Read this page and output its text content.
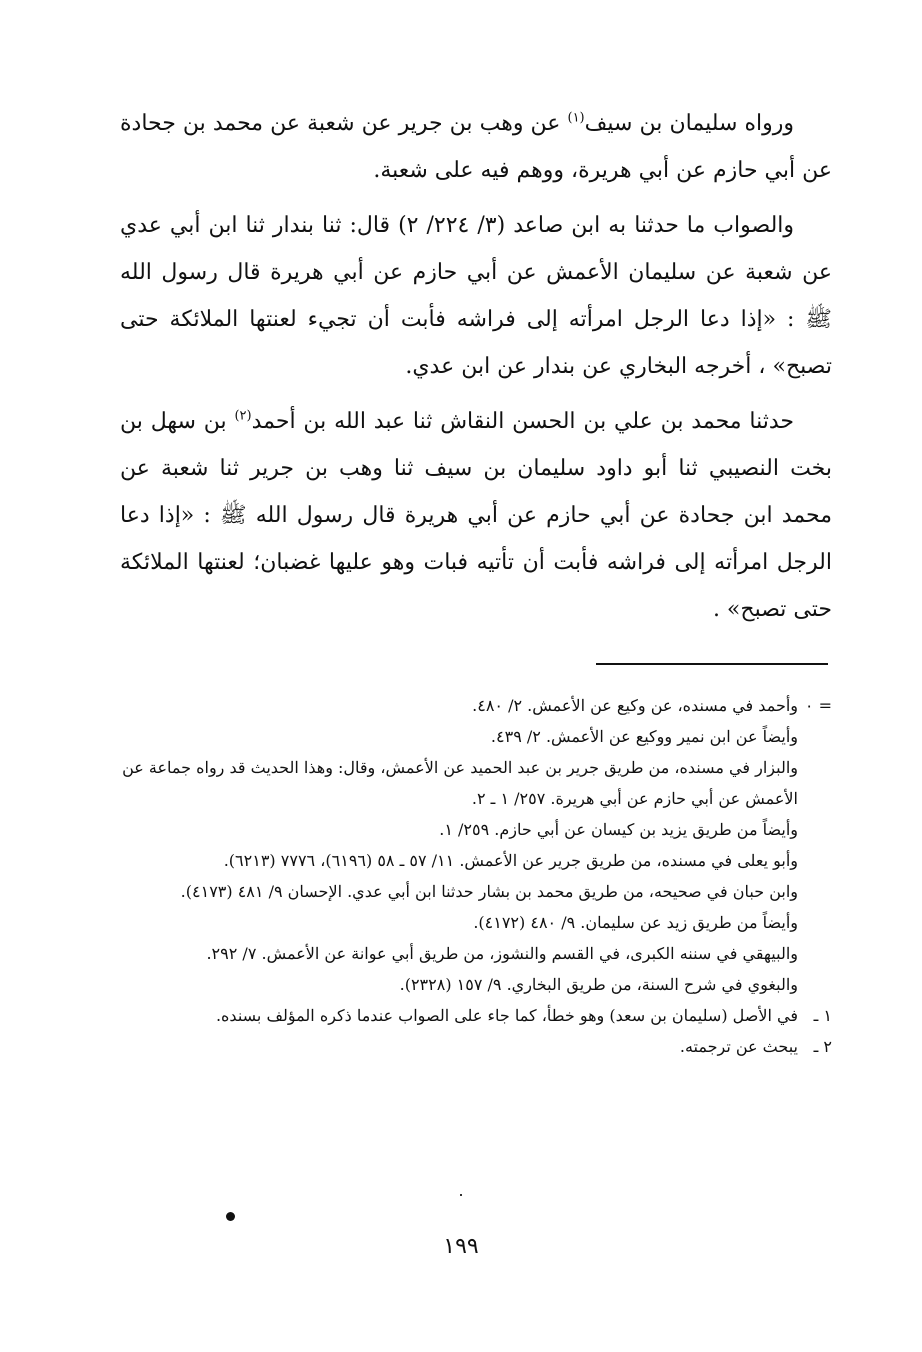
ورواه سليمان بن سيف$^{(١)}$ عن وهب بن جرير عن شعبة عن محمد بن جحادة عن أبي حازم عن أبي هريرة، ووهم فيه على شعبة.

والصواب ما حدثنا به ابن صاعد (٣/ ٢٢٤/ ٢) قال: ثنا بندار ثنا ابن أبي عدي عن شعبة عن سليمان الأعمش عن أبي حازم عن أبي هريرة قال رسول الله ﷺ : «إذا دعا الرجل امرأته إلى فراشه فأبت أن تجيء لعنتها الملائكة حتى تصبح» ، أخرجه البخاري عن بندار عن ابن عدي.

حدثنا محمد بن علي بن الحسن النقاش ثنا عبد الله بن أحمد$^{(٢)}$ بن سهل بن بخت النصيبي ثنا أبو داود سليمان بن سيف ثنا وهب بن جرير ثنا شعبة عن محمد ابن جحادة عن أبي حازم عن أبي هريرة قال رسول الله ﷺ : «إذا دعا الرجل امرأته إلى فراشه فأبت أن تأتيه فبات وهو عليها غضبان؛ لعنتها الملائكة حتى تصبح» .

= ٠
وأحمد في مسنده، عن وكيع عن الأعمش. ٢/ ٤٨٠.
وأيضاً عن ابن نمير ووكيع عن الأعمش. ٢/ ٤٣٩.
والبزار في مسنده، من طريق جرير بن عبد الحميد عن الأعمش، وقال: وهذا الحديث قد رواه جماعة عن الأعمش عن أبي حازم عن أبي هريرة. ٢٥٧/ ١ ـ ٢.
وأيضاً من طريق يزيد بن كيسان عن أبي حازم. ٢٥٩/ ١.
وأبو يعلى في مسنده، من طريق جرير عن الأعمش. ١١/ ٥٧ ـ ٥٨ (٦١٩٦)، ٧٧٧٦ (٦٢١٣).
وابن حبان في صحيحه، من طريق محمد بن بشار حدثنا ابن أبي عدي. الإحسان ٩/ ٤٨١ (٤١٧٣).
وأيضاً من طريق زيد عن سليمان. ٩/ ٤٨٠ (٤١٧٢).
والبيهقي في سننه الكبرى، في القسم والنشوز، من طريق أبي عوانة عن الأعمش. ٧/ ٢٩٢.
والبغوي في شرح السنة، من طريق البخاري. ٩/ ١٥٧ (٢٣٢٨).
١ ـ
في الأصل (سليمان بن سعد) وهو خطأ، كما جاء على الصواب عندما ذكره المؤلف بسنده.
٢ ـ
يبحث عن ترجمته.
١٩٩
